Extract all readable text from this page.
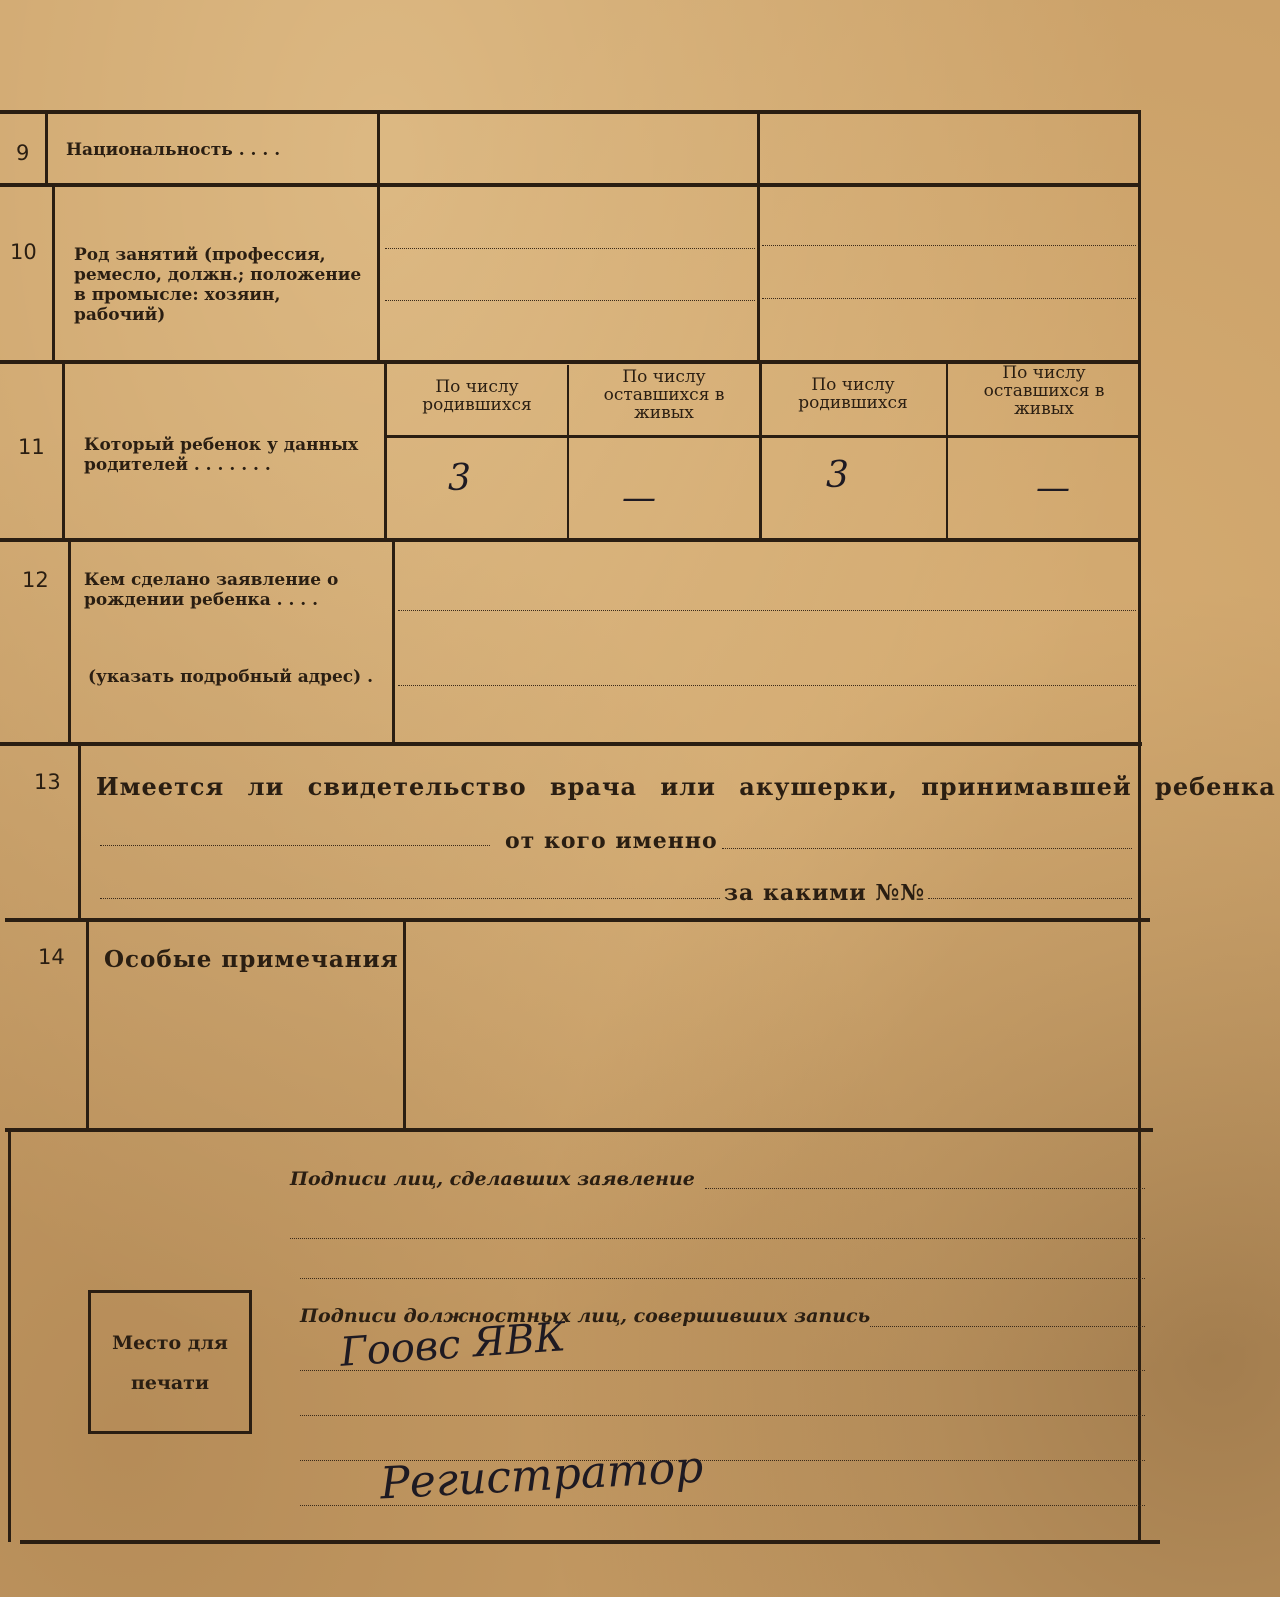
9 Национальность . . . .
10 Род занятий (профессия, ремесло, должн.; положение в промысле: хозяин, рабочий)
11 Который ребенок у данных родителей . . . . . . .
По числу родившихся
По числу оставшихся в живых
По числу родившихся
По числу оставшихся в живых
3	—
3	—
12 Кем сделано заявление о рождении ребенка . . . .
(указать подробный адрес) .
13 Имеется ли свидетельство врача или акушерки, принимавшей ребенка
от кого именно
за какими №№
14 Особые примечания
Подписи лиц, сделавших заявление
Подписи должностных лиц, совершивших запись
Гоовс ЯВК
Регистратор
Место для
печати
